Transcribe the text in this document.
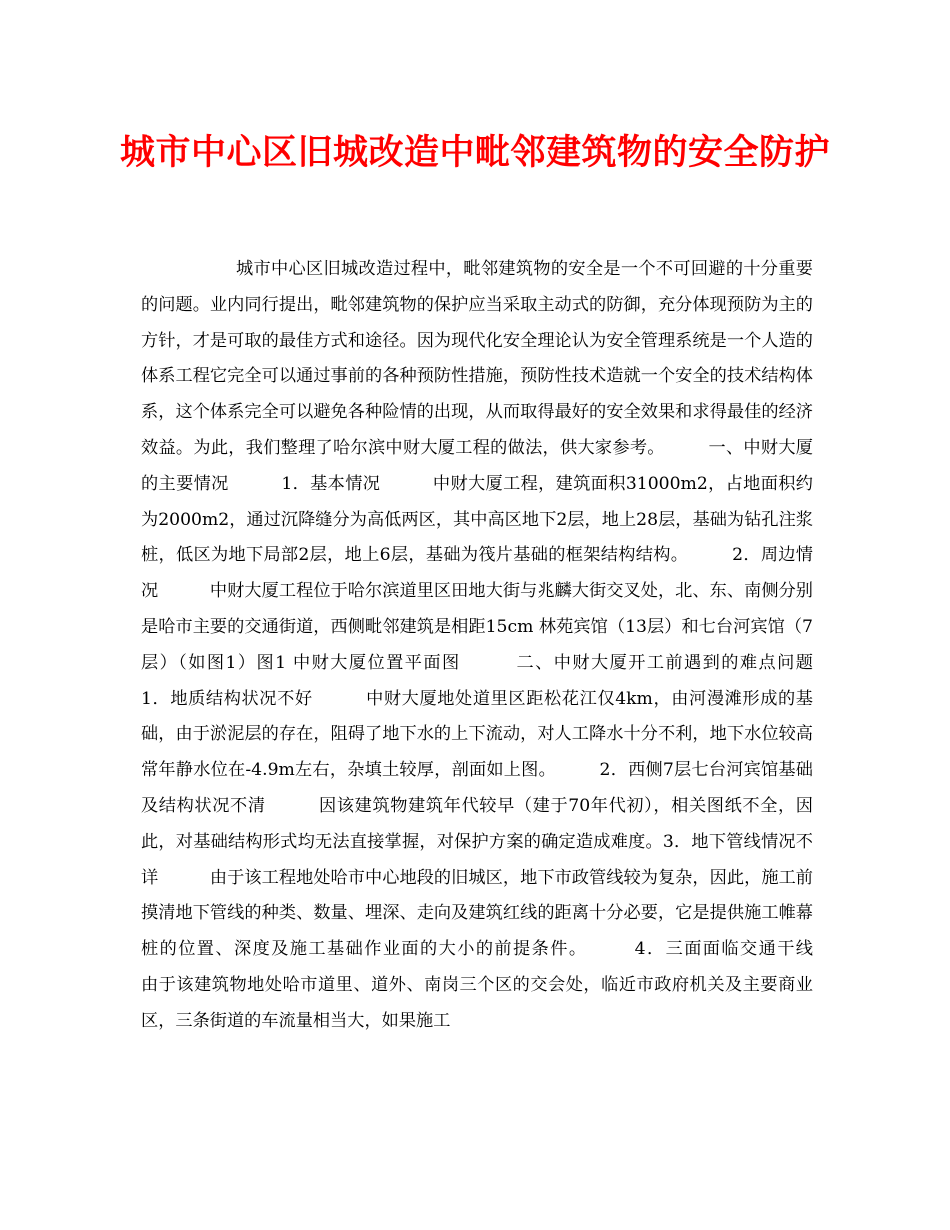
城市中心区旧城改造中毗邻建筑物的安全防护

城市中心区旧城改造过程中，毗邻建筑物的安全是一个不可回避的十分重要的问题。业内同行提出，毗邻建筑物的保护应当采取主动式的防御，充分体现预防为主的方针，才是可取的最佳方式和途径。因为现代化安全理论认为安全管理系统是一个人造的体系工程它完全可以通过事前的各种预防性措施，预防性技术造就一个安全的技术结构体系，这个体系完全可以避免各种险情的出现，从而取得最好的安全效果和求得最佳的经济效益。为此，我们整理了哈尔滨中财大厦工程的做法，供大家参考。　　　一、中财大厦的主要情况　　　1．基本情况　　　中财大厦工程，建筑面积31000m2，占地面积约为2000m2，通过沉降缝分为高低两区，其中高区地下2层，地上28层，基础为钻孔注浆桩，低区为地下局部2层，地上6层，基础为筏片基础的框架结构结构。　　　2．周边情况　　　中财大厦工程位于哈尔滨道里区田地大街与兆麟大街交叉处，北、东、南侧分别是哈市主要的交通街道，西侧毗邻建筑是相距15cm 林苑宾馆（13层）和七台河宾馆（7层）（如图1）图1 中财大厦位置平面图　　　二、中财大厦开工前遇到的难点问题　　　1．地质结构状况不好　　　中财大厦地处道里区距松花江仅4km，由河漫滩形成的基础，由于淤泥层的存在，阻碍了地下水的上下流动，对人工降水十分不利，地下水位较高常年静水位在-4.9m左右，杂填土较厚，剖面如上图。　　　2．西侧7层七台河宾馆基础及结构状况不清　　　因该建筑物建筑年代较早（建于70年代初），相关图纸不全，因此，对基础结构形式均无法直接掌握，对保护方案的确定造成难度。3．地下管线情况不详　　　由于该工程地处哈市中心地段的旧城区，地下市政管线较为复杂，因此，施工前摸清地下管线的种类、数量、埋深、走向及建筑红线的距离十分必要，它是提供施工帷幕桩的位置、深度及施工基础作业面的大小的前提条件。　　　4．三面面临交通干线　　　由于该建筑物地处哈市道里、道外、南岗三个区的交会处，临近市政府机关及主要商业区，三条街道的车流量相当大，如果施工
